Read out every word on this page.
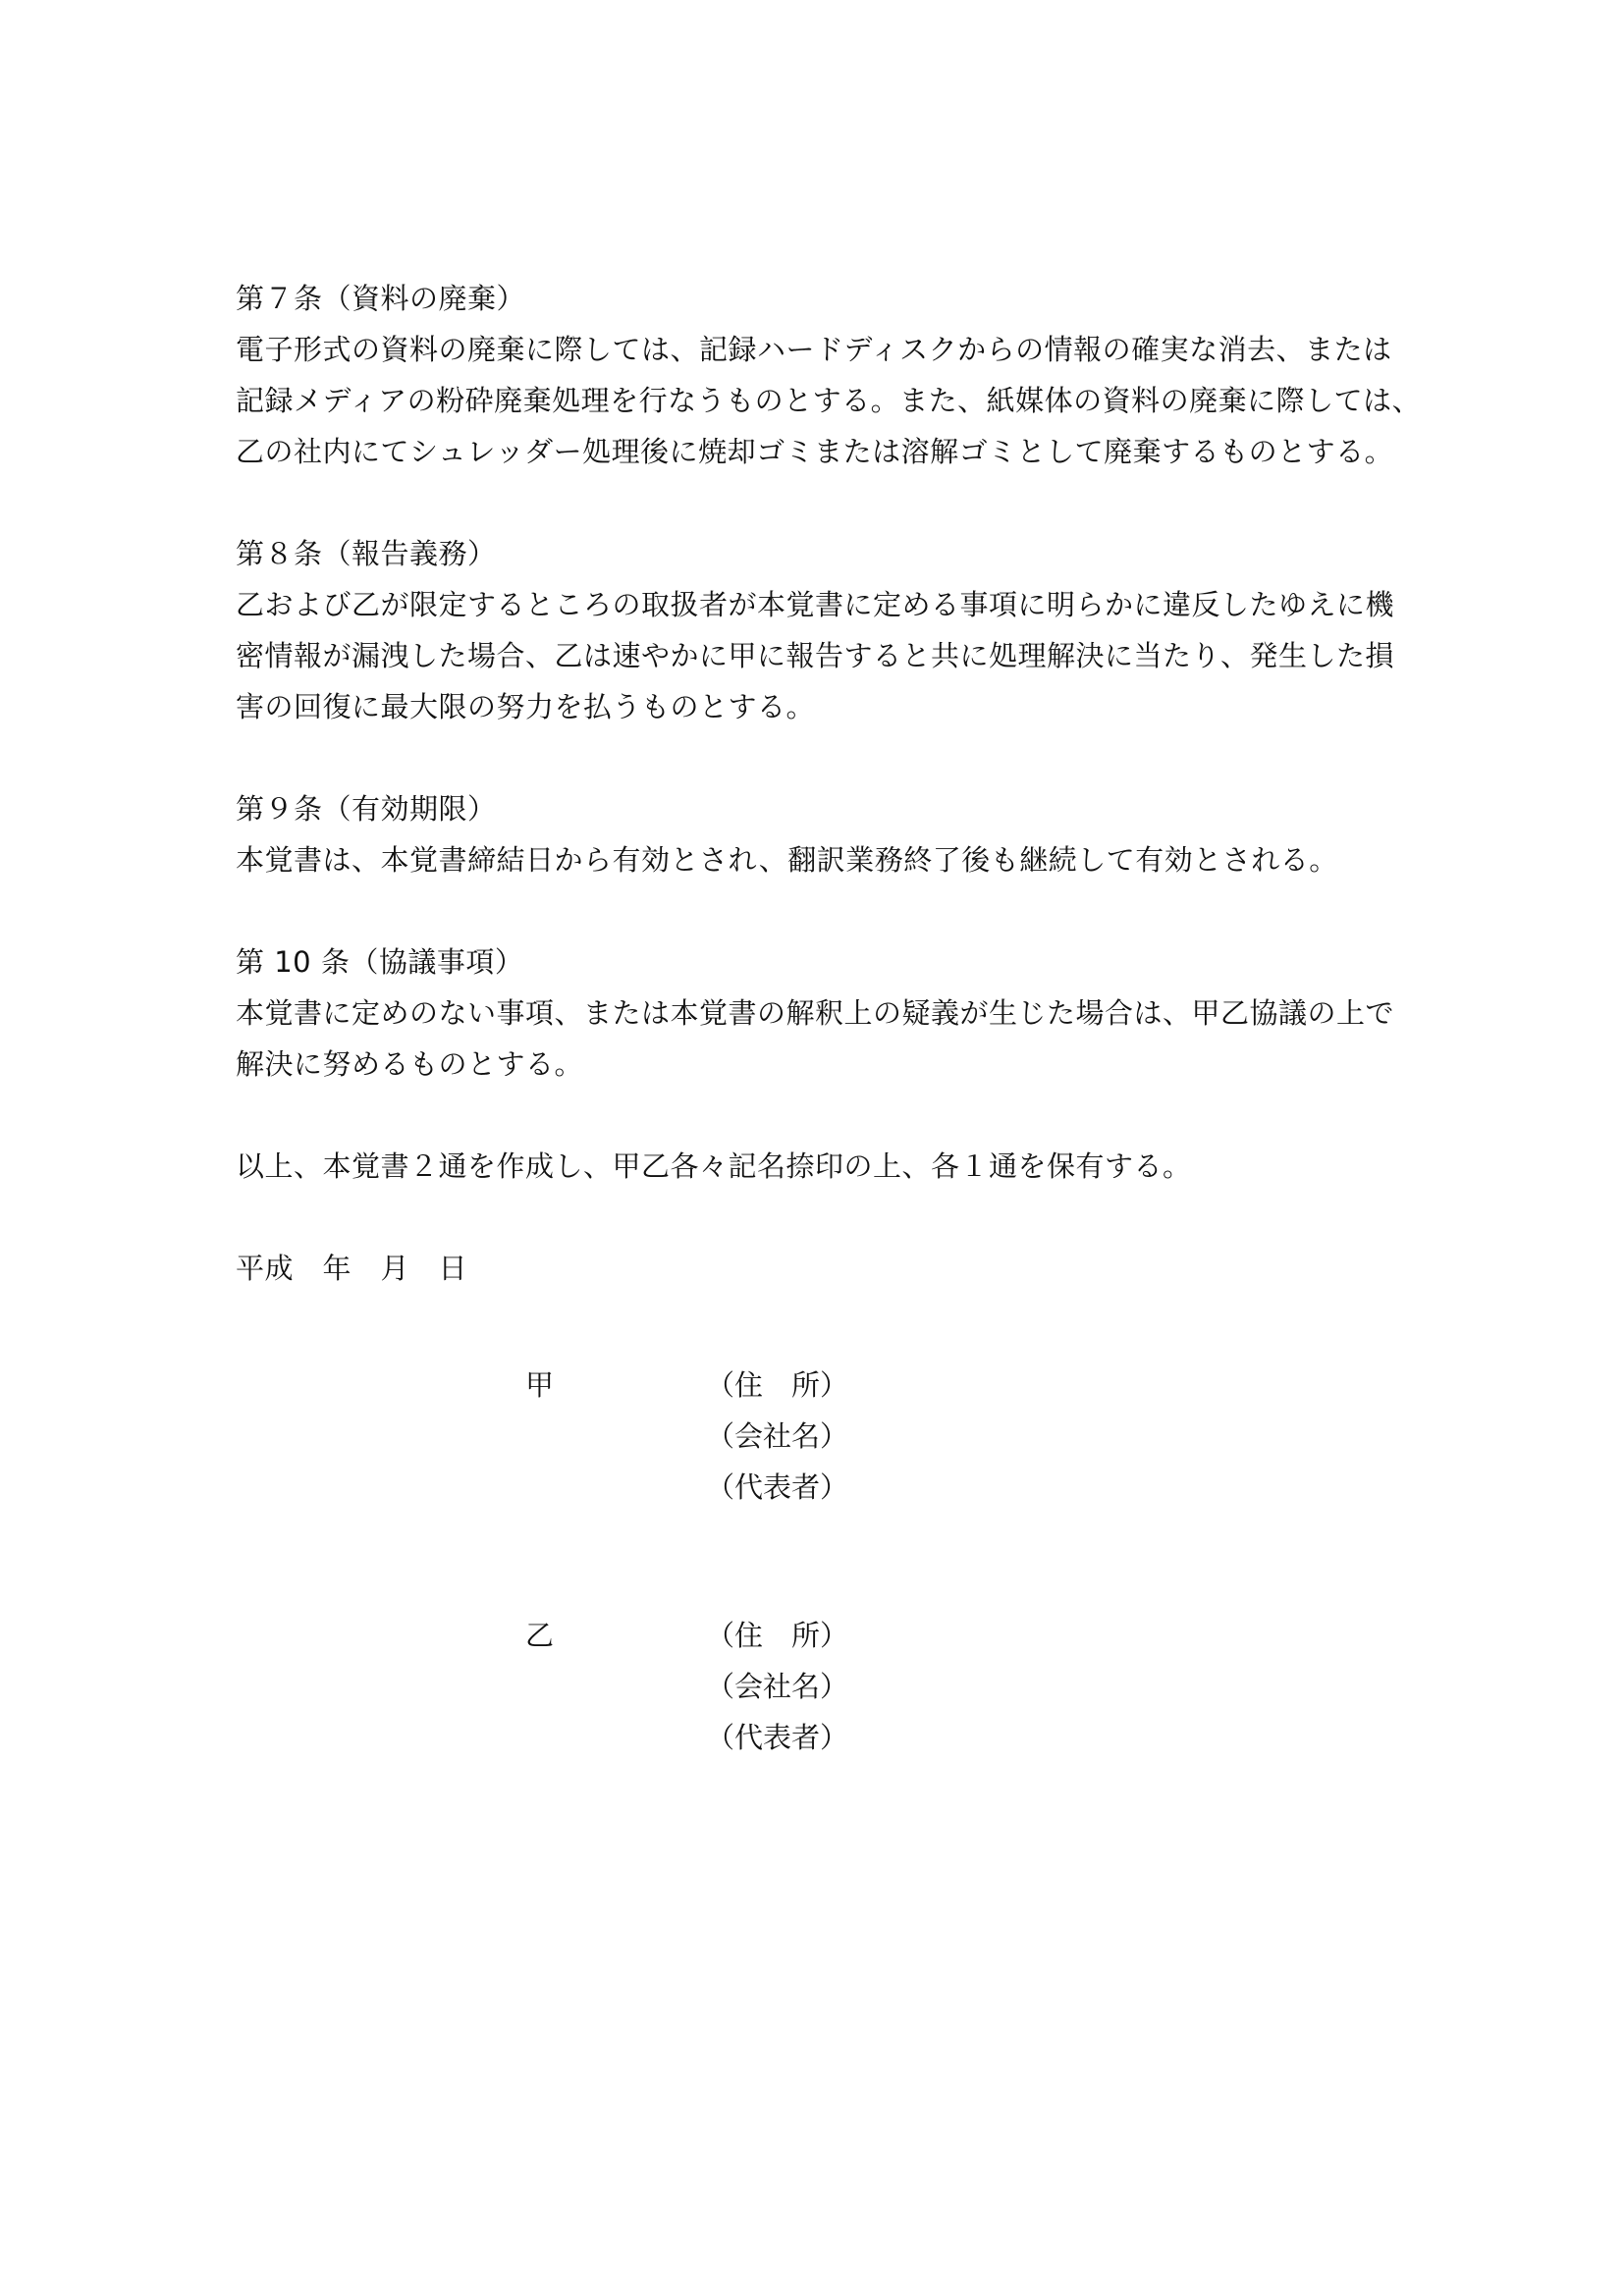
第７条（資料の廃棄）
電子形式の資料の廃棄に際しては、記録ハードディスクからの情報の確実な消去、または
記録メディアの粉砕廃棄処理を行なうものとする。また、紙媒体の資料の廃棄に際しては、
乙の社内にてシュレッダー処理後に焼却ゴミまたは溶解ゴミとして廃棄するものとする。
第８条（報告義務）
乙および乙が限定するところの取扱者が本覚書に定める事項に明らかに違反したゆえに機
密情報が漏洩した場合、乙は速やかに甲に報告すると共に処理解決に当たり、発生した損
害の回復に最大限の努力を払うものとする。
第９条（有効期限）
本覚書は、本覚書締結日から有効とされ、翻訳業務終了後も継続して有効とされる。
第 10 条（協議事項）
本覚書に定めのない事項、または本覚書の解釈上の疑義が生じた場合は、甲乙協議の上で
解決に努めるものとする。
以上、本覚書２通を作成し、甲乙各々記名捺印の上、各１通を保有する。
平成　年　月　日
甲	（住　所）
（会社名）
（代表者）
乙	（住　所）
（会社名）
（代表者）
